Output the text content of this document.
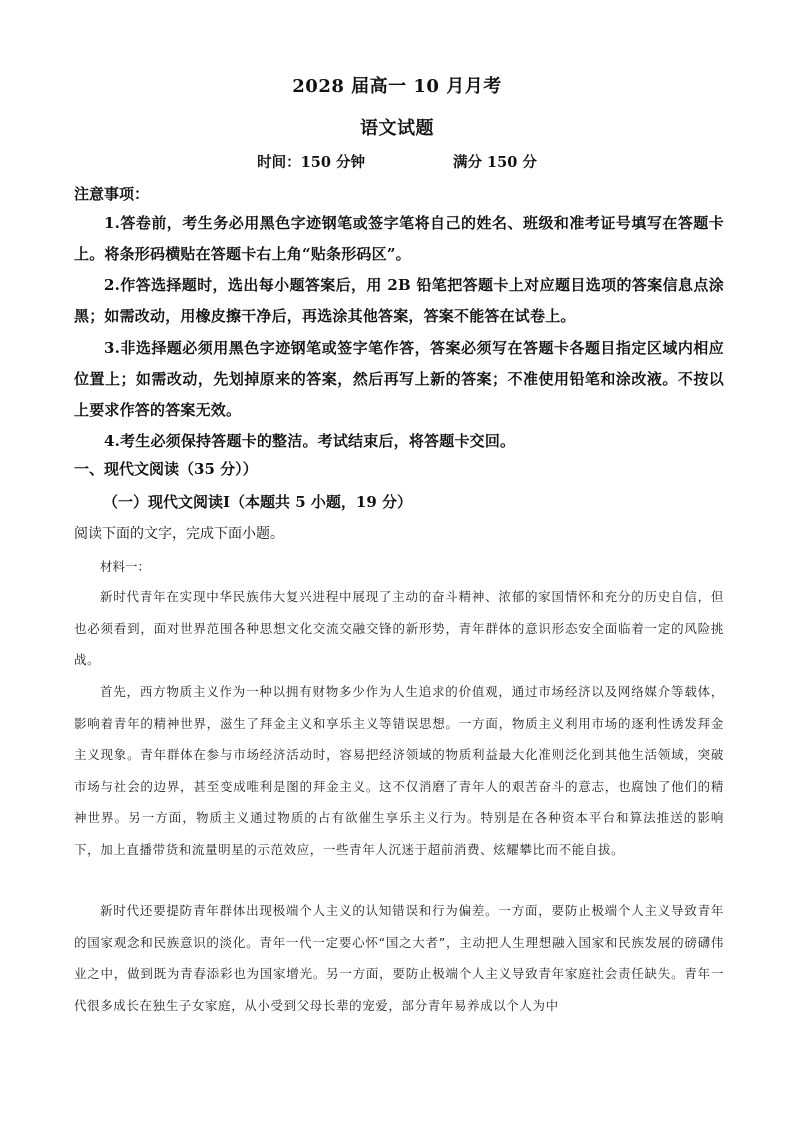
2028 届高一 10 月月考
语文试题
时间：150 分钟	满分 150 分
注意事项：
1.答卷前，考生务必用黑色字迹钢笔或签字笔将自己的姓名、班级和准考证号填写在答题卡上。将条形码横贴在答题卡右上角“贴条形码区”。
2.作答选择题时，选出每小题答案后，用 2B 铅笔把答题卡上对应题目选项的答案信息点涂黑；如需改动，用橡皮擦干净后，再选涂其他答案，答案不能答在试卷上。
3.非选择题必须用黑色字迹钢笔或签字笔作答，答案必须写在答题卡各题目指定区域内相应位置上；如需改动，先划掉原来的答案，然后再写上新的答案；不准使用铅笔和涂改液。不按以上要求作答的答案无效。
4.考生必须保持答题卡的整洁。考试结束后，将答题卡交回。
一、现代文阅读（35 分））
（一）现代文阅读Ⅰ（本题共 5 小题，19 分）
阅读下面的文字，完成下面小题。
材料一：
新时代青年在实现中华民族伟大复兴进程中展现了主动的奋斗精神、浓郁的家国情怀和充分的历史自信，但也必须看到，面对世界范围各种思想文化交流交融交锋的新形势，青年群体的意识形态安全面临着一定的风险挑战。
首先，西方物质主义作为一种以拥有财物多少作为人生追求的价值观，通过市场经济以及网络媒介等载体，影响着青年的精神世界，滋生了拜金主义和享乐主义等错误思想。一方面，物质主义利用市场的逐利性诱发拜金主义现象。青年群体在参与市场经济活动时，容易把经济领域的物质利益最大化准则泛化到其他生活领域，突破市场与社会的边界，甚至变成唯利是图的拜金主义。这不仅消磨了青年人的艰苦奋斗的意志，也腐蚀了他们的精神世界。另一方面，物质主义通过物质的占有欲催生享乐主义行为。特别是在各种资本平台和算法推送的影响下，加上直播带货和流量明星的示范效应，一些青年人沉迷于超前消费、炫耀攀比而不能自拔。
新时代还要提防青年群体出现极端个人主义的认知错误和行为偏差。一方面，要防止极端个人主义导致青年的国家观念和民族意识的淡化。青年一代一定要心怀“国之大者”，主动把人生理想融入国家和民族发展的磅礴伟业之中，做到既为青春添彩也为国家增光。另一方面，要防止极端个人主义导致青年家庭社会责任缺失。青年一代很多成长在独生子女家庭，从小受到父母长辈的宠爱，部分青年易养成以个人为中
